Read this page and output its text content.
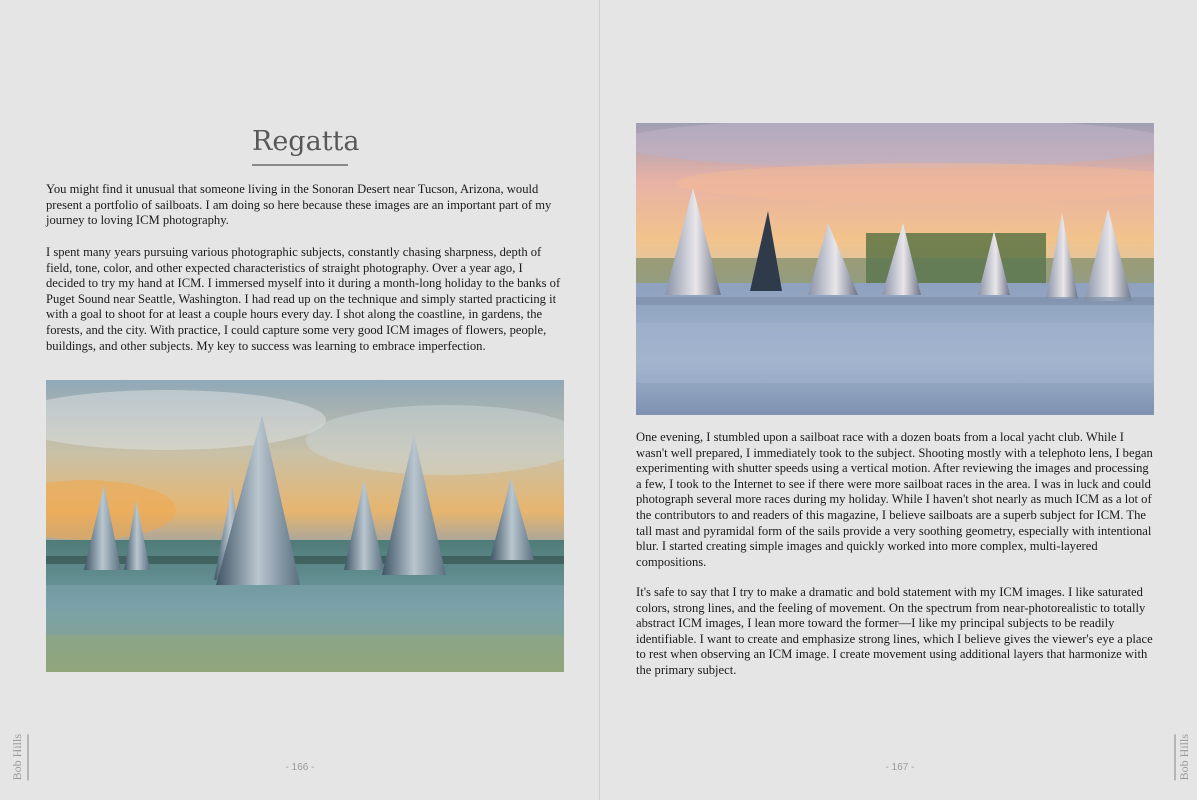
Regatta

You might find it unusual that someone living in the Sonoran Desert near Tucson, Arizona, would present a portfolio of sailboats. I am doing so here because these images are an important part of my journey to loving ICM photography.

I spent many years pursuing various photographic subjects, constantly chasing sharpness, depth of field, tone, color, and other expected characteristics of straight photography. Over a year ago, I decided to try my hand at ICM. I immersed myself into it during a month-long holiday to the banks of Puget Sound near Seattle, Washington. I had read up on the technique and simply started practicing it with a goal to shoot for at least a couple hours every day. I shot along the coastline, in gardens, the forests, and the city. With practice, I could capture some very good ICM images of flowers, people, buildings, and other subjects. My key to success was learning to embrace imperfection.

- 166 -
Bob Hills

One evening, I stumbled upon a sailboat race with a dozen boats from a local yacht club. While I wasn't well prepared, I immediately took to the subject. Shooting mostly with a telephoto lens, I began experimenting with shutter speeds using a vertical motion. After reviewing the images and processing a few, I took to the Internet to see if there were more sailboat races in the area. I was in luck and could photograph several more races during my holiday. While I haven't shot nearly as much ICM as a lot of the contributors to and readers of this magazine, I believe sailboats are a superb subject for ICM. The tall mast and pyramidal form of the sails provide a very soothing geometry, especially with intentional blur. I started creating simple images and quickly worked into more complex, multi-layered compositions.

It's safe to say that I try to make a dramatic and bold statement with my ICM images. I like saturated colors, strong lines, and the feeling of movement. On the spectrum from near-photorealistic to totally abstract ICM images, I lean more toward the former—I like my principal subjects to be readily identifiable. I want to create and emphasize strong lines, which I believe gives the viewer's eye a place to rest when observing an ICM image. I create movement using additional layers that harmonize with the primary subject.

- 167 -	Bob Hills
